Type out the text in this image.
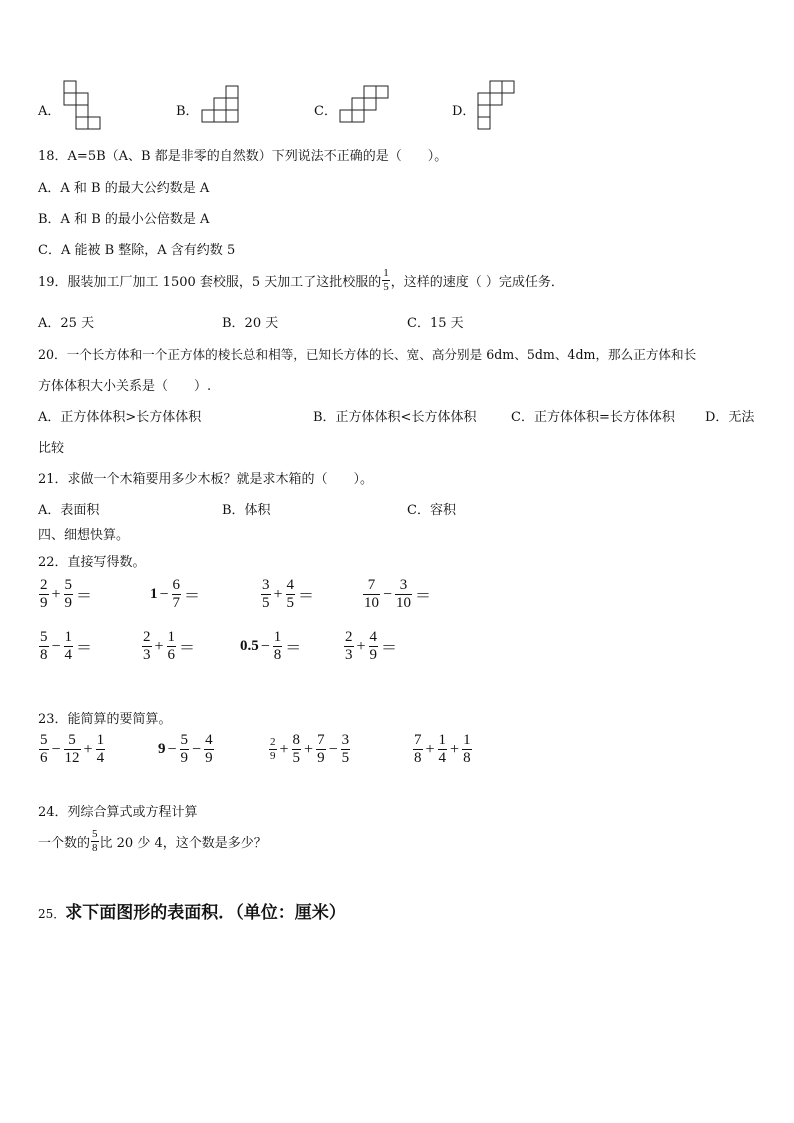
A．	B．	C．	D．
18．A=5B（A、B 都是非零的自然数）下列说法不正确的是（　　）。
A．A 和 B 的最大公约数是 A
B．A 和 B 的最小公倍数是 A
C．A 能被 B 整除，A 含有约数 5
19．服装加工厂加工 1500 套校服，5 天加工了这批校服的 $\frac{1}{5}$ ，这样的速度（ ）完成任务．
A．25 天	B．20 天	C．15 天
20．一个长方体和一个正方体的棱长总和相等，已知长方体的长、宽、高分别是 6dm、5dm、4dm，那么正方体和长
方体体积大小关系是（　　）.
A．正方体体积>长方体体积	B．正方体体积<长方体体积	C．正方体体积=长方体体积 D．无法
比较
21．求做一个木箱要用多少木板？就是求木箱的（　　）。
A．表面积	B．体积	C．容积
四、细想快算。
22．直接写得数。
$\frac{2}{9} + \frac{5}{9}$ ＝	$1 - \frac{6}{7}$ ＝	$\frac{3}{5} + \frac{4}{5}$ ＝	$\frac{7}{10} - \frac{3}{10}$ ＝
$\frac{5}{8} - \frac{1}{4}$ ＝	$\frac{2}{3} + \frac{1}{6}$ ＝	$0.5 - \frac{1}{8}$ ＝	$\frac{2}{3} + \frac{4}{9}$ ＝
23．能简算的要简算。
$\frac{5}{6} - \frac{5}{12} + \frac{1}{4}$	$9 - \frac{5}{9} - \frac{4}{9}$	$\frac{2}{9} + \frac{8}{5} + \frac{7}{9} - \frac{3}{5}$	$\frac{7}{8} + \frac{1}{4} + \frac{1}{8}$
24．列综合算式或方程计算
一个数的 $\frac{5}{8}$ 比 20 少 4，这个数是多少？
25． 求下面图形的表面积．（单位：厘米）
